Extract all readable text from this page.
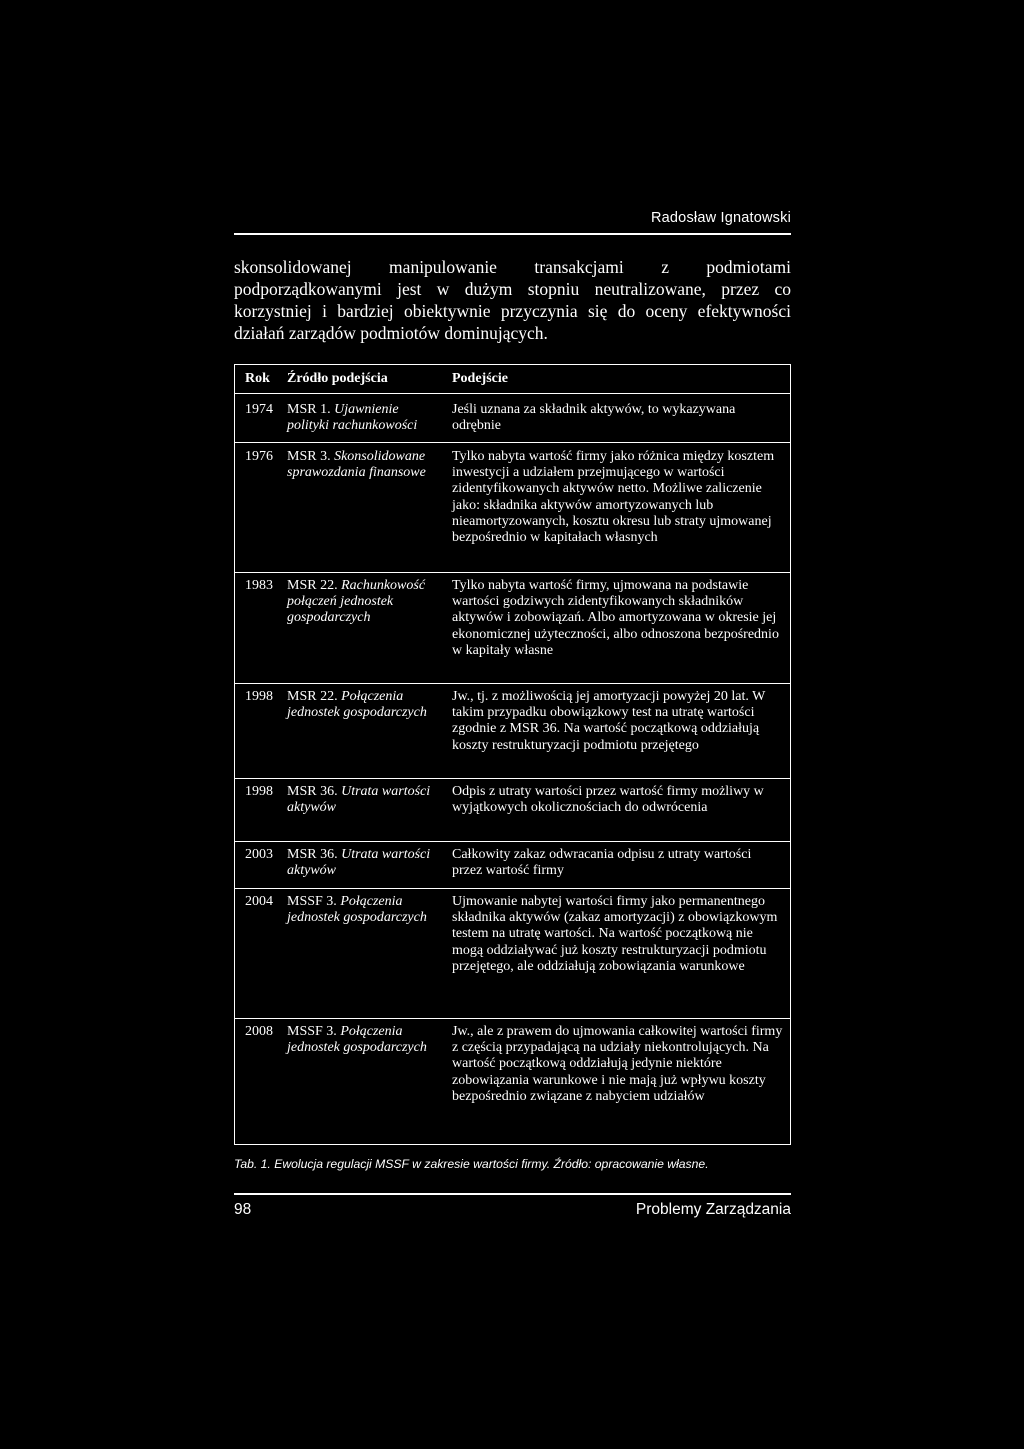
Radosław Ignatowski

skonsolidowanej manipulowanie transakcjami z podmiotami podporządkowanymi jest w dużym stopniu neutralizowane, przez co korzystniej i bardziej obiektywnie przyczynia się do oceny efektywności działań zarządów podmiotów dominujących.

Rok Źródło podejścia	Podejście
1974 MSR 1. Ujawnienie polityki rachunkowości
Jeśli uznana za składnik aktywów, to wykazywana odrębnie
1976 MSR 3. Skonsolidowane sprawozdania finansowe
Tylko nabyta wartość firmy jako różnica między kosztem inwestycji a udziałem przejmującego w wartości zidentyfikowanych aktywów netto. Możliwe zaliczenie jako: składnika aktywów amortyzowanych lub nieamortyzowanych, kosztu okresu lub straty ujmowanej bezpośrednio w kapitałach własnych
1983 MSR 22. Rachunkowość połączeń jednostek gospodarczych
Tylko nabyta wartość firmy, ujmowana na podstawie wartości godziwych zidentyfikowanych składników aktywów i zobowiązań. Albo amortyzowana w okresie jej ekonomicznej użyteczności, albo odnoszona bezpośrednio w kapitały własne
1998 MSR 22. Połączenia jednostek gospodarczych
Jw., tj. z możliwością jej amortyzacji powyżej 20 lat. W takim przypadku obowiązkowy test na utratę wartości zgodnie z MSR 36. Na wartość początkową oddziałują koszty restrukturyzacji podmiotu przejętego
1998 MSR 36. Utrata wartości aktywów
Odpis z utraty wartości przez wartość firmy możliwy w wyjątkowych okolicznościach do odwrócenia
2003 MSR 36. Utrata wartości aktywów
Całkowity zakaz odwracania odpisu z utraty wartości przez wartość firmy
2004 MSSF 3. Połączenia jednostek gospodarczych
Ujmowanie nabytej wartości firmy jako permanentnego składnika aktywów (zakaz amortyzacji) z obowiązkowym testem na utratę wartości. Na wartość początkową nie mogą oddziaływać już koszty restrukturyzacji podmiotu przejętego, ale oddziałują zobowiązania warunkowe
2008 MSSF 3. Połączenia jednostek gospodarczych
Jw., ale z prawem do ujmowania całkowitej wartości firmy z częścią przypadającą na udziały niekontrolujących. Na wartość początkową oddziałują jedynie niektóre zobowiązania warunkowe i nie mają już wpływu koszty bezpośrednio związane z nabyciem udziałów
Tab. 1. Ewolucja regulacji MSSF w zakresie wartości firmy. Źródło: opracowanie własne.
98	Problemy Zarządzania
